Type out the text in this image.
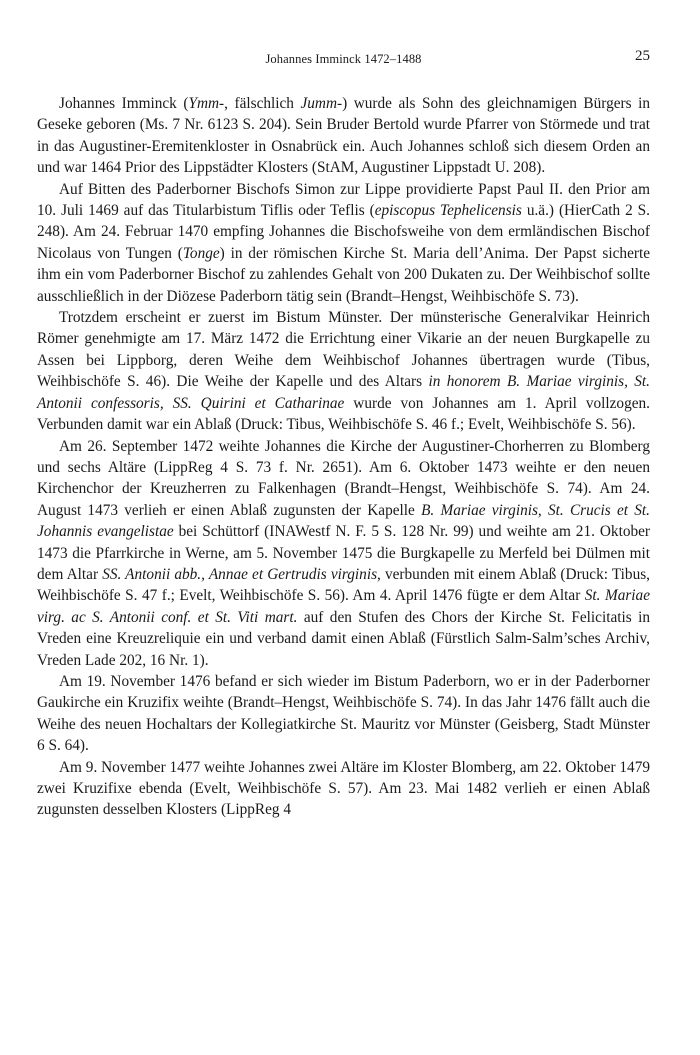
Johannes Imminck 1472–1488	25

Johannes Imminck (Ymm-, fälschlich Jumm-) wurde als Sohn des gleichnamigen Bürgers in Geseke geboren (Ms. 7 Nr. 6123 S. 204). Sein Bruder Bertold wurde Pfarrer von Störmede und trat in das Augustiner-Eremitenkloster in Osnabrück ein. Auch Johannes schloß sich diesem Orden an und war 1464 Prior des Lippstädter Klosters (StAM, Augustiner Lippstadt U. 208).

Auf Bitten des Paderborner Bischofs Simon zur Lippe providierte Papst Paul II. den Prior am 10. Juli 1469 auf das Titularbistum Tiflis oder Teflis (episcopus Tephelicensis u.ä.) (HierCath 2 S. 248). Am 24. Februar 1470 empfing Johannes die Bischofsweihe von dem ermländischen Bischof Nicolaus von Tungen (Tonge) in der römischen Kirche St. Maria dell’Anima. Der Papst sicherte ihm ein vom Paderborner Bischof zu zahlendes Gehalt von 200 Dukaten zu. Der Weihbischof sollte ausschließlich in der Diözese Paderborn tätig sein (Brandt–Hengst, Weihbischöfe S. 73).

Trotzdem erscheint er zuerst im Bistum Münster. Der münsterische Generalvikar Heinrich Römer genehmigte am 17. März 1472 die Errichtung einer Vikarie an der neuen Burgkapelle zu Assen bei Lippborg, deren Weihe dem Weihbischof Johannes übertragen wurde (Tibus, Weihbischöfe S. 46). Die Weihe der Kapelle und des Altars in honorem B. Mariae virginis, St. Antonii confessoris, SS. Quirini et Catharinae wurde von Johannes am 1. April vollzogen. Verbunden damit war ein Ablaß (Druck: Tibus, Weihbischöfe S. 46 f.; Evelt, Weihbischöfe S. 56).

Am 26. September 1472 weihte Johannes die Kirche der Augustiner-Chorherren zu Blomberg und sechs Altäre (LippReg 4 S. 73 f. Nr. 2651). Am 6. Oktober 1473 weihte er den neuen Kirchenchor der Kreuzherren zu Falkenhagen (Brandt–Hengst, Weihbischöfe S. 74). Am 24. August 1473 verlieh er einen Ablaß zugunsten der Kapelle B. Mariae virginis, St. Crucis et St. Johannis evangelistae bei Schüttorf (INAWestf N. F. 5 S. 128 Nr. 99) und weihte am 21. Oktober 1473 die Pfarrkirche in Werne, am 5. November 1475 die Burgkapelle zu Merfeld bei Dülmen mit dem Altar SS. Antonii abb., Annae et Gertrudis virginis, verbunden mit einem Ablaß (Druck: Tibus, Weihbischöfe S. 47 f.; Evelt, Weihbischöfe S. 56). Am 4. April 1476 fügte er dem Altar St. Mariae virg. ac S. Antonii conf. et St. Viti mart. auf den Stufen des Chors der Kirche St. Felicitatis in Vreden eine Kreuzreliquie ein und verband damit einen Ablaß (Fürstlich Salm-Salm’sches Archiv, Vreden Lade 202, 16 Nr. 1).

Am 19. November 1476 befand er sich wieder im Bistum Paderborn, wo er in der Paderborner Gaukirche ein Kruzifix weihte (Brandt–Hengst, Weihbischöfe S. 74). In das Jahr 1476 fällt auch die Weihe des neuen Hochaltars der Kollegiatkirche St. Mauritz vor Münster (Geisberg, Stadt Münster 6 S. 64).

Am 9. November 1477 weihte Johannes zwei Altäre im Kloster Blomberg, am 22. Oktober 1479 zwei Kruzifixe ebenda (Evelt, Weihbischöfe S. 57). Am 23. Mai 1482 verlieh er einen Ablaß zugunsten desselben Klosters (LippReg 4
